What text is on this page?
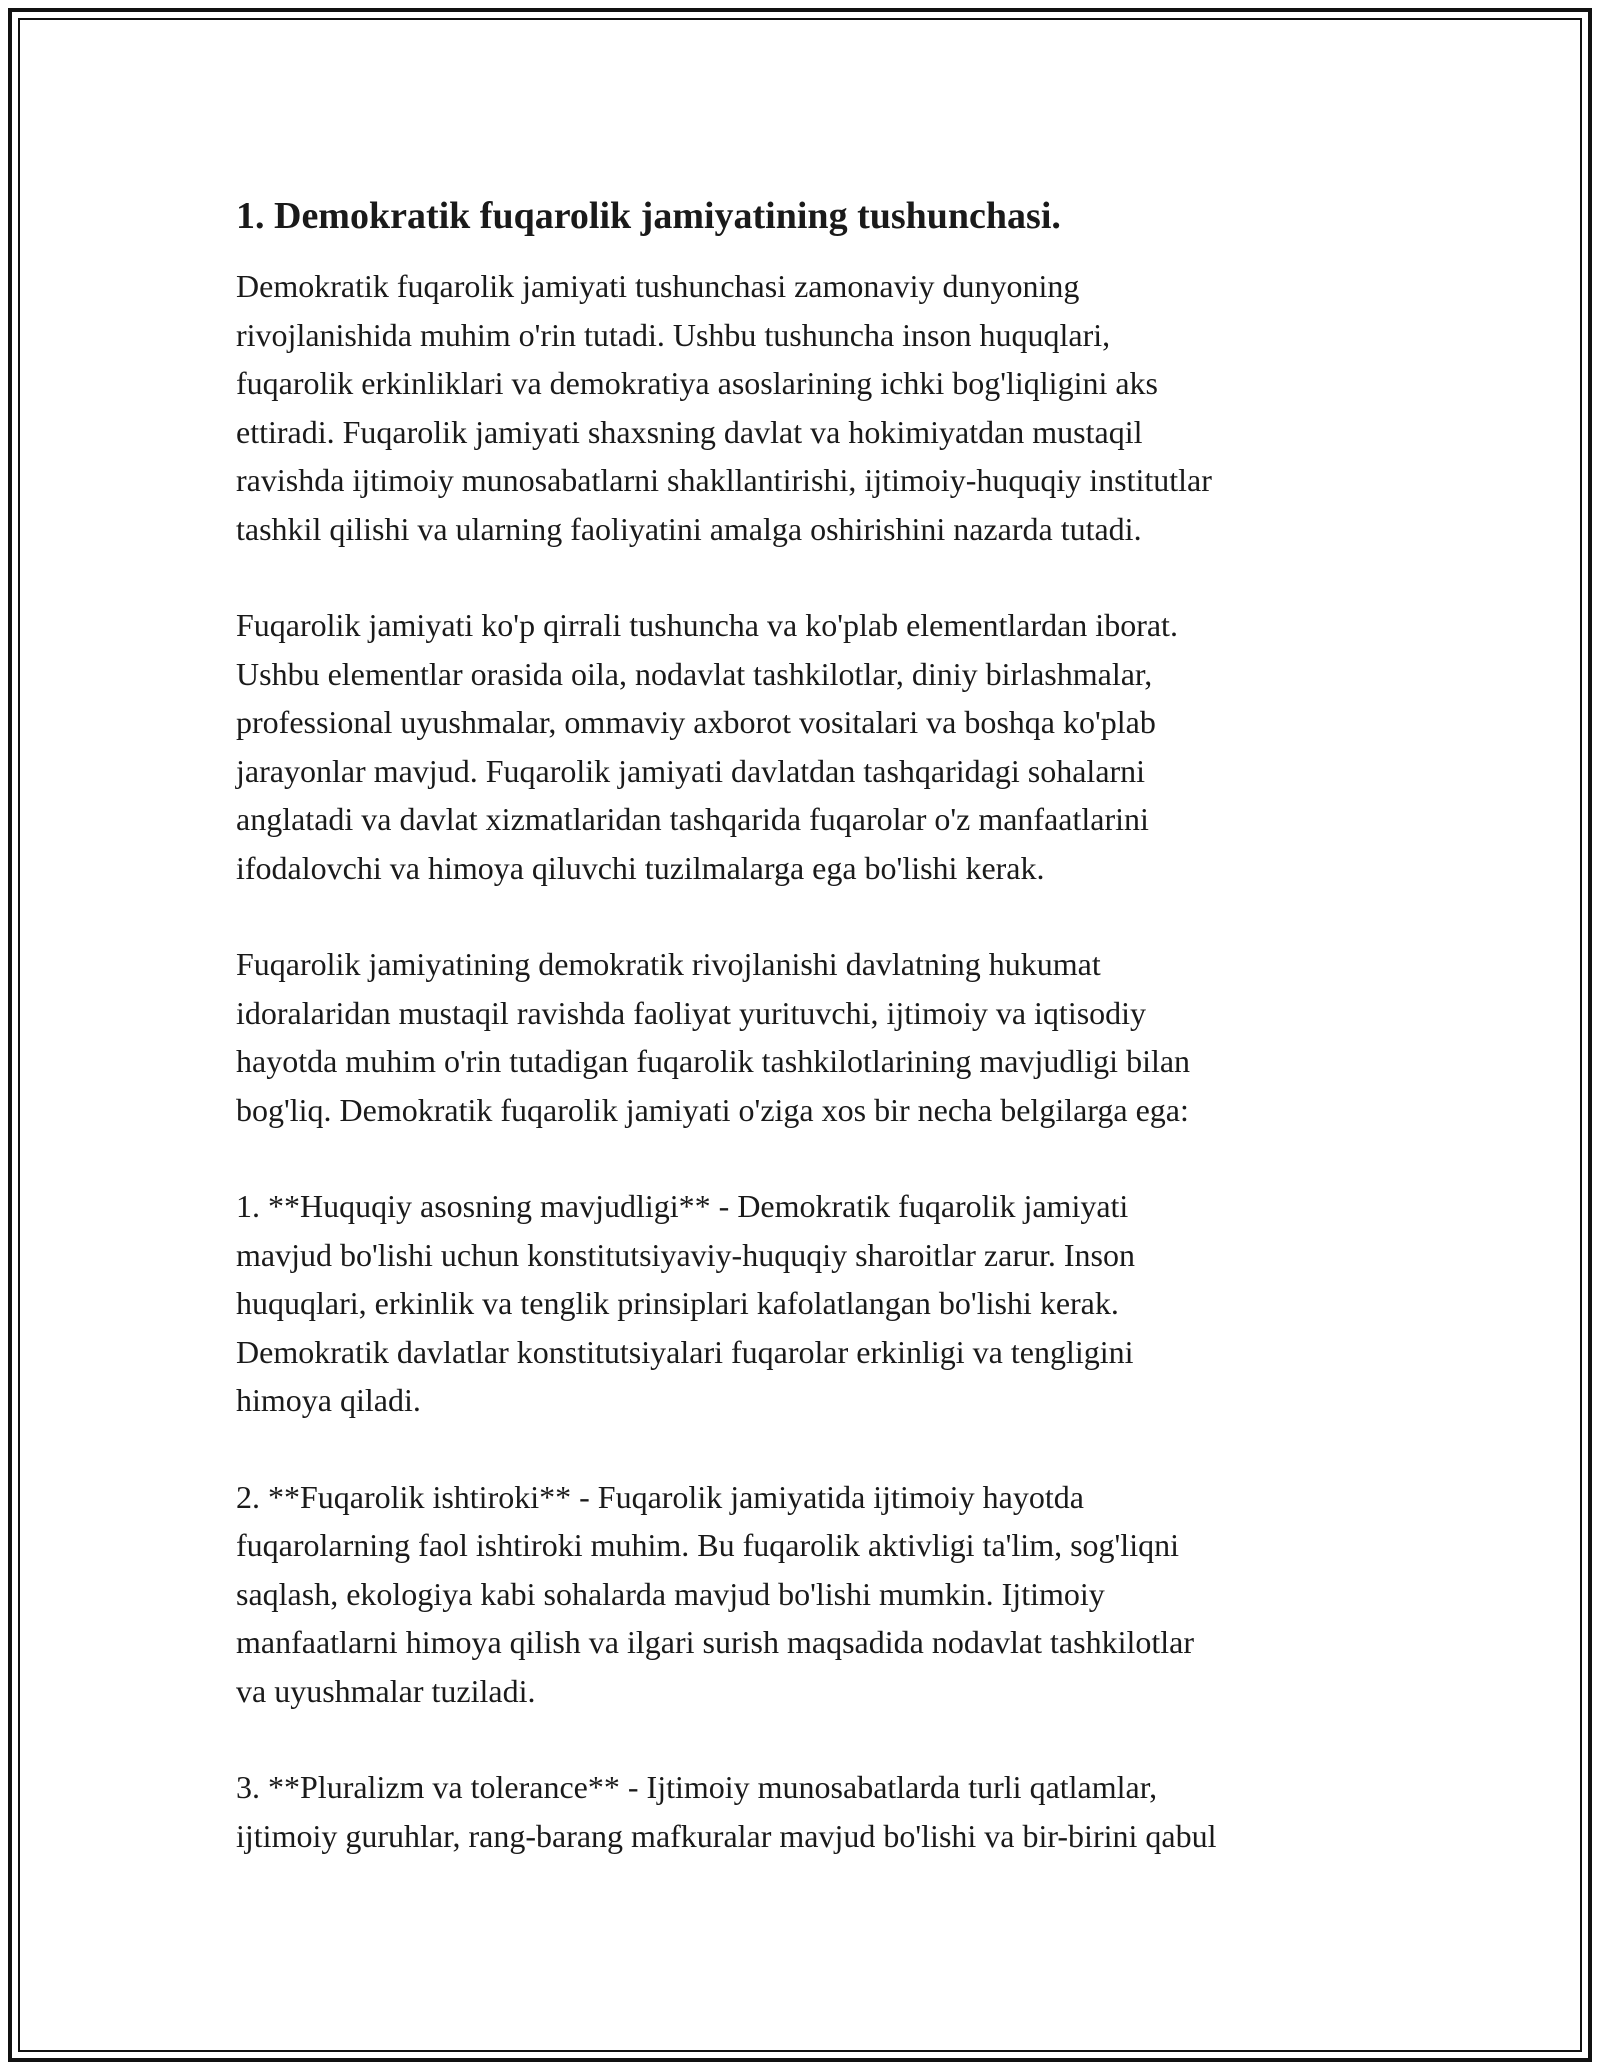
1. Demokratik fuqarolik jamiyatining tushunchasi.
Demokratik fuqarolik jamiyati tushunchasi zamonaviy dunyoning
rivojlanishida muhim o'rin tutadi. Ushbu tushuncha inson huquqlari,
fuqarolik erkinliklari va demokratiya asoslarining ichki bog'liqligini aks
ettiradi. Fuqarolik jamiyati shaxsning davlat va hokimiyatdan mustaqil
ravishda ijtimoiy munosabatlarni shakllantirishi, ijtimoiy-huquqiy institutlar
tashkil qilishi va ularning faoliyatini amalga oshirishini nazarda tutadi.
Fuqarolik jamiyati ko'p qirrali tushuncha va ko'plab elementlardan iborat.
Ushbu elementlar orasida oila, nodavlat tashkilotlar, diniy birlashmalar,
professional uyushmalar, ommaviy axborot vositalari va boshqa ko'plab
jarayonlar mavjud. Fuqarolik jamiyati davlatdan tashqaridagi sohalarni
anglatadi va davlat xizmatlaridan tashqarida fuqarolar o'z manfaatlarini
ifodalovchi va himoya qiluvchi tuzilmalarga ega bo'lishi kerak.
Fuqarolik jamiyatining demokratik rivojlanishi davlatning hukumat
idoralaridan mustaqil ravishda faoliyat yurituvchi, ijtimoiy va iqtisodiy
hayotda muhim o'rin tutadigan fuqarolik tashkilotlarining mavjudligi bilan
bog'liq. Demokratik fuqarolik jamiyati o'ziga xos bir necha belgilarga ega:
1. **Huquqiy asosning mavjudligi** - Demokratik fuqarolik jamiyati
mavjud bo'lishi uchun konstitutsiyaviy-huquqiy sharoitlar zarur. Inson
huquqlari, erkinlik va tenglik prinsiplari kafolatlangan bo'lishi kerak.
Demokratik davlatlar konstitutsiyalari fuqarolar erkinligi va tengligini
himoya qiladi.
2. **Fuqarolik ishtiroki** - Fuqarolik jamiyatida ijtimoiy hayotda
fuqarolarning faol ishtiroki muhim. Bu fuqarolik aktivligi ta'lim, sog'liqni
saqlash, ekologiya kabi sohalarda mavjud bo'lishi mumkin. Ijtimoiy
manfaatlarni himoya qilish va ilgari surish maqsadida nodavlat tashkilotlar
va uyushmalar tuziladi.
3. **Pluralizm va tolerance** - Ijtimoiy munosabatlarda turli qatlamlar,
ijtimoiy guruhlar, rang-barang mafkuralar mavjud bo'lishi va bir-birini qabul
